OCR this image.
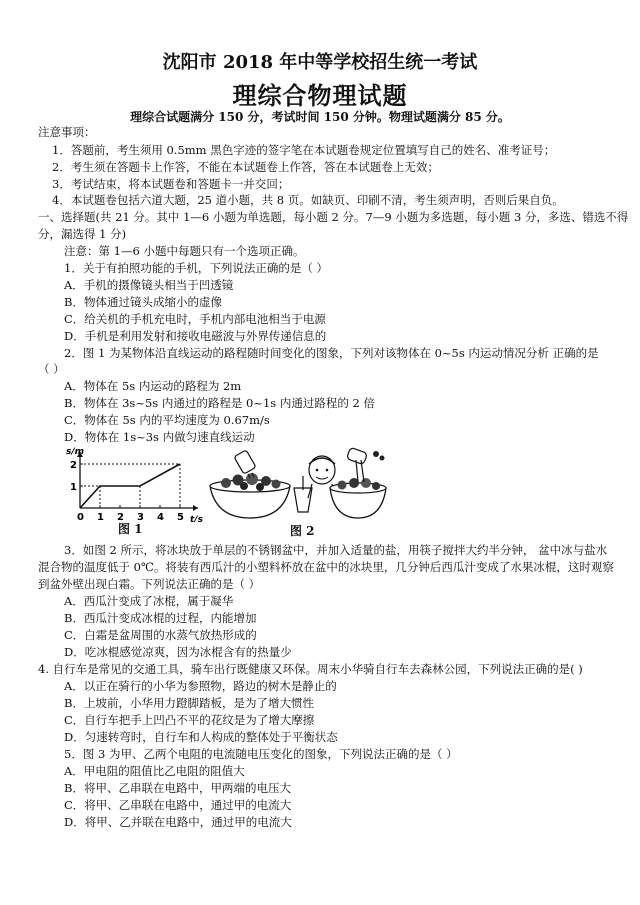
沈阳市 2018 年中等学校招生统一考试
理综合物理试题
理综合试题满分 150 分，考试时间 150 分钟。物理试题满分 85 分。
注意事项：
1．答题前，考生须用 0.5mm 黑色字迹的签字笔在本试题卷规定位置填写自己的姓名、准考证号；
2．考生须在答题卡上作答，不能在本试题卷上作答，答在本试题卷上无效；
3．考试结束，将本试题卷和答题卡一并交回；
4．本试题卷包括六道大题，25 道小题，共 8 页。如缺页、印刷不清，考生须声明，否则后果自负。
一、选择题(共 21 分。其中 1—6 小题为单选题，每小题 2 分。7—9 小题为多选题，每小题 3 分，多选、错选不得
分，漏选得 1 分)
注意：第 1—6 小题中每题只有一个选项正确。
1．关于有拍照功能的手机，下列说法正确的是（ ）
A．手机的摄像镜头相当于凹透镜
B．物体通过镜头成缩小的虚像
C．给关机的手机充电时，手机内部电池相当于电源
D．手机是利用发射和接收电磁波与外界传递信息的
2．图 1 为某物体沿直线运动的路程随时间变化的图象，下列对该物体在 0~5s 内运动情况分析 正确的是
（ ）
A．物体在 5s 内运动的路程为 2m
B．物体在 3s~5s 内通过的路程是 0~1s 内通过路程的 2 倍
C．物体在 5s 内的平均速度为 0.67m/s
D．物体在 1s~3s 内做匀速直线运动
s/m
t/s
0 1 2 3 4 5
1
2
图 1	图 2
3．如图 2 所示，将冰块放于单层的不锈钢盆中，并加入适量的盐，用筷子搅拌大约半分钟， 盆中冰与盐水
混合物的温度低于 0℃。将装有西瓜汁的小塑料杯放在盆中的冰块里，几分钟后西瓜汁变成了水果冰棍，这时观察
到盆外壁出现白霜。下列说法正确的是（ ）
A．西瓜汁变成了冰棍，属于凝华
B．西瓜汁变成冰棍的过程，内能增加
C．白霜是盆周围的水蒸气放热形成的
D．吃冰棍感觉凉爽，因为冰棍含有的热量少
4. 自行车是常见的交通工具，骑车出行既健康又环保。周末小华骑自行车去森林公园，下列说法正确的是( )
A．以正在骑行的小华为参照物，路边的树木是静止的
B．上坡前，小华用力蹬脚踏板，是为了增大惯性
C．自行车把手上凹凸不平的花纹是为了增大摩擦
D．匀速转弯时，自行车和人构成的整体处于平衡状态
5．图 3 为甲、乙两个电阻的电流随电压变化的图象，下列说法正确的是（ ）
A．甲电阻的阻值比乙电阻的阻值大
B．将甲、乙串联在电路中，甲两端的电压大
C．将甲、乙串联在电路中，通过甲的电流大
D．将甲、乙并联在电路中，通过甲的电流大
